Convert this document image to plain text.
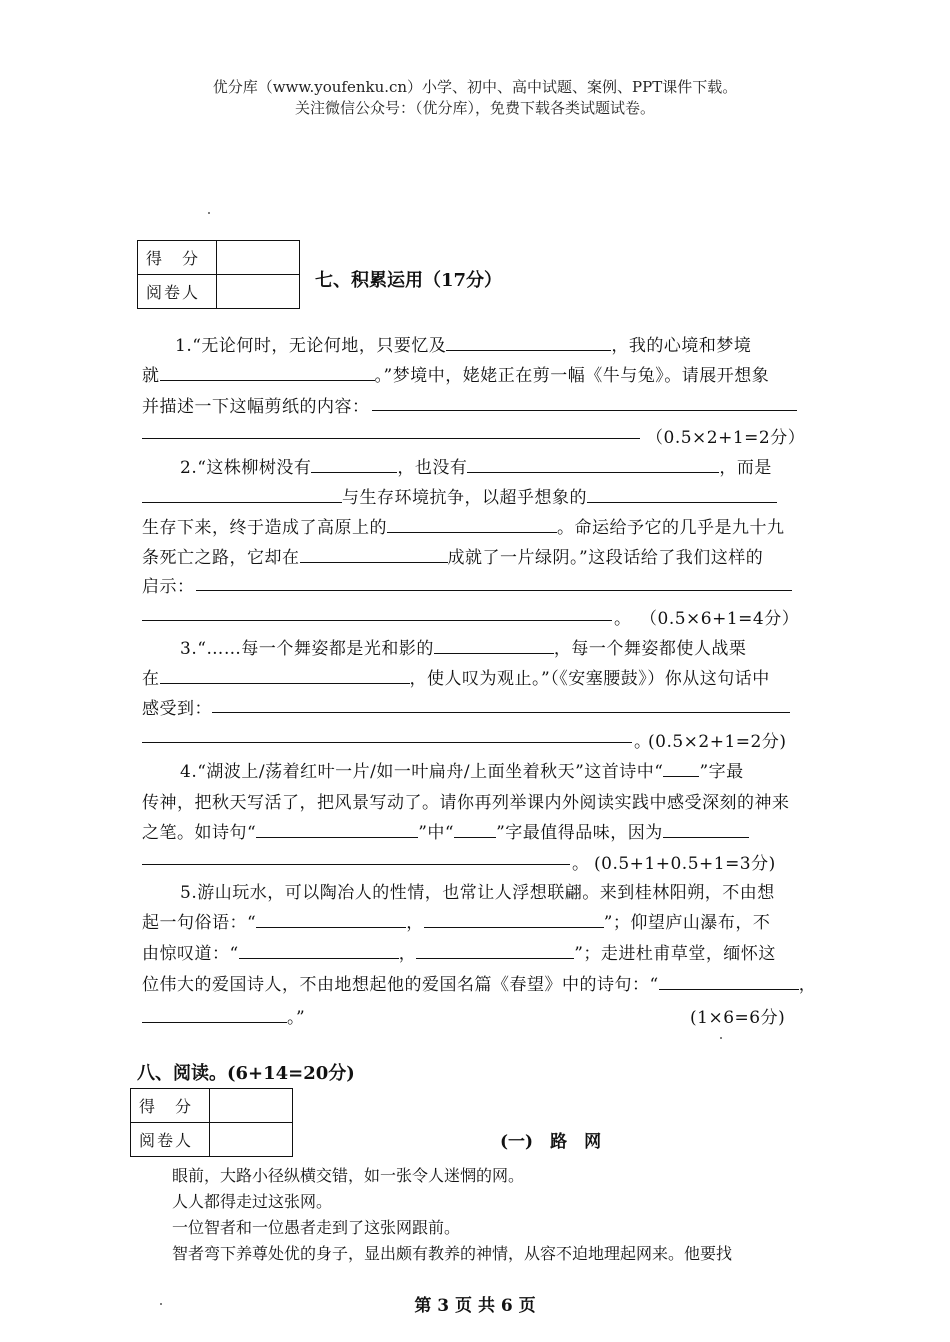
优分库（www.youfenku.cn）小学、初中、高中试题、案例、PPT课件下载。
关注微信公众号：（优分库），免费下载各类试题试卷。
得　分	
阅卷人	
七、积累运用（17分）
1.“无论何时，无论何地，只要忆及	，我的心境和梦境
就	。”梦境中，姥姥正在剪一幅《牛与兔》。请展开想象
并描述一下这幅剪纸的内容：
（0.5×2+1=2分）
2.“这株柳树没有	，也没有	，而是
与生存环境抗争，以超乎想象的
生存下来，终于造成了高原上的	。命运给予它的几乎是九十九
条死亡之路，它却在	成就了一片绿阴。”这段话给了我们这样的
启示：
。 （0.5×6+1=4分）
3.“……每一个舞姿都是光和影的	，每一个舞姿都使人战栗
在	，使人叹为观止。”（《安塞腰鼓》）你从这句话中
感受到：
。
(0.5×2+1=2分)
4.“湖波上/荡着红叶一片/如一叶扁舟/上面坐着秋天”这首诗中“ ”字最
传神，把秋天写活了，把风景写动了。请你再列举课内外阅读实践中感受深刻的神来
之笔。如诗句“	”中“ ”字最值得品味，因为
。 (0.5+1+0.5+1=3分)
5.游山玩水，可以陶冶人的性情，也常让人浮想联翩。来到桂林阳朔，不由想
起一句俗语：“	，	”；仰望庐山瀑布，不
由惊叹道：“	，	”；走进杜甫草堂，缅怀这
位伟大的爱国诗人，不由地想起他的爱国名篇《春望》中的诗句：“	，
。”	(1×6=6分)
八、阅读。(6+14=20分)
得　分	
阅卷人		(一)　路　网
眼前，大路小径纵横交错，如一张令人迷惘的网。
人人都得走过这张网。
一位智者和一位愚者走到了这张网跟前。
智者弯下养尊处优的身子，显出颇有教养的神情，从容不迫地理起网来。他要找
第 3 页 共 6 页
